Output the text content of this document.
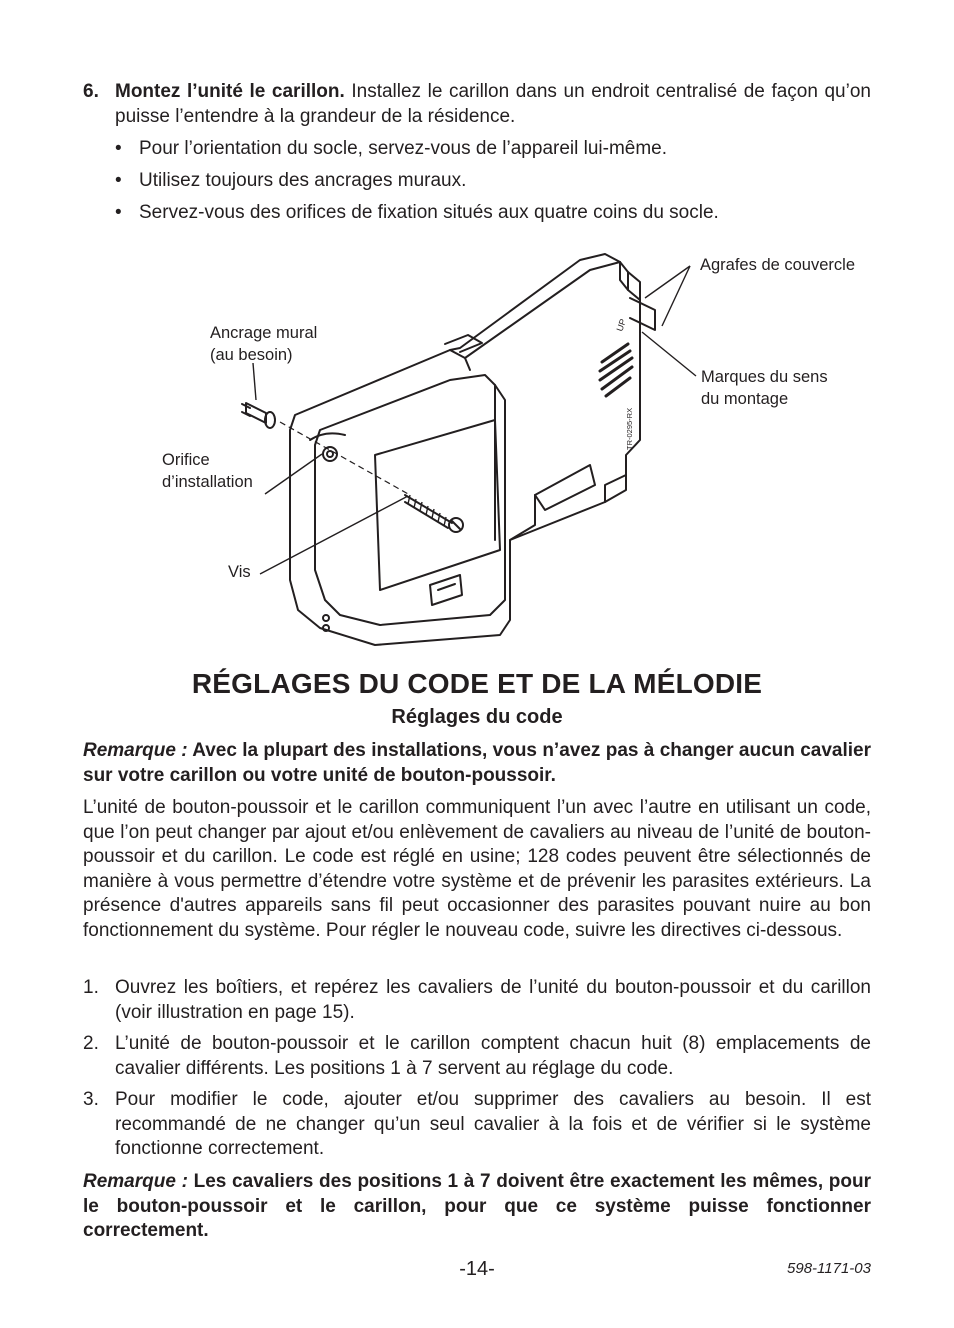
6. Montez l’unité le carillon. Installez le carillon dans un endroit centralisé de façon qu’on puisse l’entendre à la grandeur de la résidence.
• Pour l’orientation du socle, servez-vous de l’appareil lui-même.
• Utilisez toujours des ancrages muraux.
• Servez-vous des orifices de fixation situés aux quatre coins du socle.
UP
TR-0295-RX
Agrafes de couvercle
Ancrage mural
(au besoin)
Marques du sens
du montage
Orifice
d’installation
Vis
RÉGLAGES DU CODE ET DE LA MÉLODIE
Réglages du code

Remarque : Avec la plupart des installations, vous n’avez pas à changer aucun cavalier sur votre carillon ou votre unité de bouton-poussoir.

L’unité de bouton-poussoir et le carillon communiquent l’un avec l’autre en utilisant un code, que l’on peut changer par ajout et/ou enlèvement de cavaliers au niveau de l’unité de bouton-poussoir et du carillon. Le code est réglé en usine; 128 codes peuvent être sélectionnés de manière à vous permettre d’étendre votre système et de prévenir les parasites extérieurs. La présence d'autres appareils sans fil peut occasionner des parasites pouvant nuire au bon fonctionnement du système. Pour régler le nouveau code, suivre les directives ci-dessous.

1. Ouvrez les boîtiers, et repérez les cavaliers de l’unité du bouton-poussoir et du carillon (voir illustration en page 15).
2. L’unité de bouton-poussoir et le carillon comptent chacun huit (8) emplacements de cavalier différents. Les positions 1 à 7 servent au réglage du code.
3. Pour modifier le code, ajouter et/ou supprimer des cavaliers au besoin. Il est recommandé de ne changer qu’un seul cavalier à la fois et de vérifier si le système fonctionne correctement.

Remarque : Les cavaliers des positions 1 à 7 doivent être exactement les mêmes, pour le bouton-poussoir et le carillon, pour que ce système puisse fonctionner correctement.

-14-	598-1171-03
